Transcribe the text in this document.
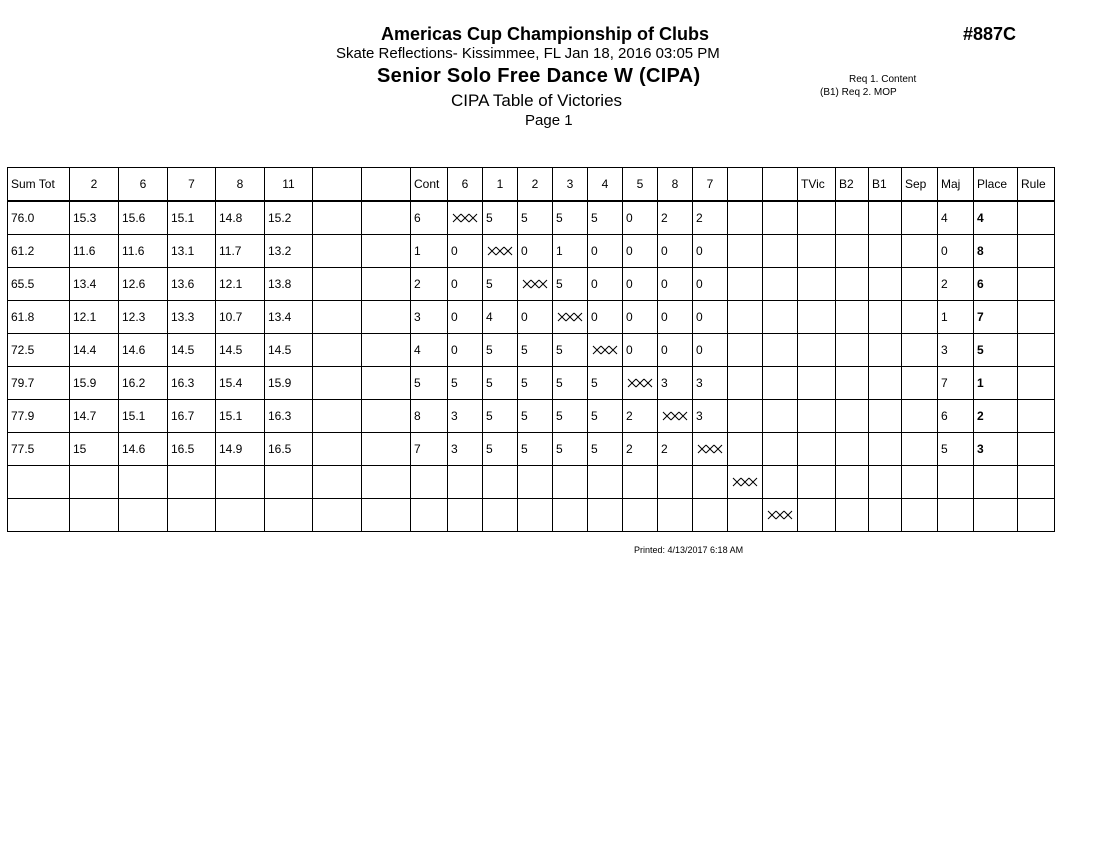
Americas Cup Championship of Clubs
Skate Reflections- Kissimmee, FL Jan 18, 2016 03:05 PM
Senior Solo Free Dance W (CIPA)
CIPA Table of Victories
Page 1
#887C
Req 1. Content
(B1) Req 2. MOP
Sum Tot	2	6	7	8	11			Cont	6	1	2	3	4	5	8	7			TVic	B2	B1	Sep	Maj	Place	Rule
76.0	15.3	15.6	15.1	14.8	15.2			6		5	5	5	5	0	2	2							4	4	
61.2	11.6	11.6	13.1	11.7	13.2			1	0		0	1	0	0	0	0							0	8	
65.5	13.4	12.6	13.6	12.1	13.8			2	0	5		5	0	0	0	0							2	6	
61.8	12.1	12.3	13.3	10.7	13.4			3	0	4	0		0	0	0	0							1	7	
72.5	14.4	14.6	14.5	14.5	14.5			4	0	5	5	5		0	0	0							3	5	
79.7	15.9	16.2	16.3	15.4	15.9			5	5	5	5	5	5		3	3							7	1	
77.9	14.7	15.1	16.7	15.1	16.3			8	3	5	5	5	5	2		3							6	2	
77.5	15	14.6	16.5	14.9	16.5			7	3	5	5	5	5	2	2								5	3	

Printed: 4/13/2017 6:18 AM
